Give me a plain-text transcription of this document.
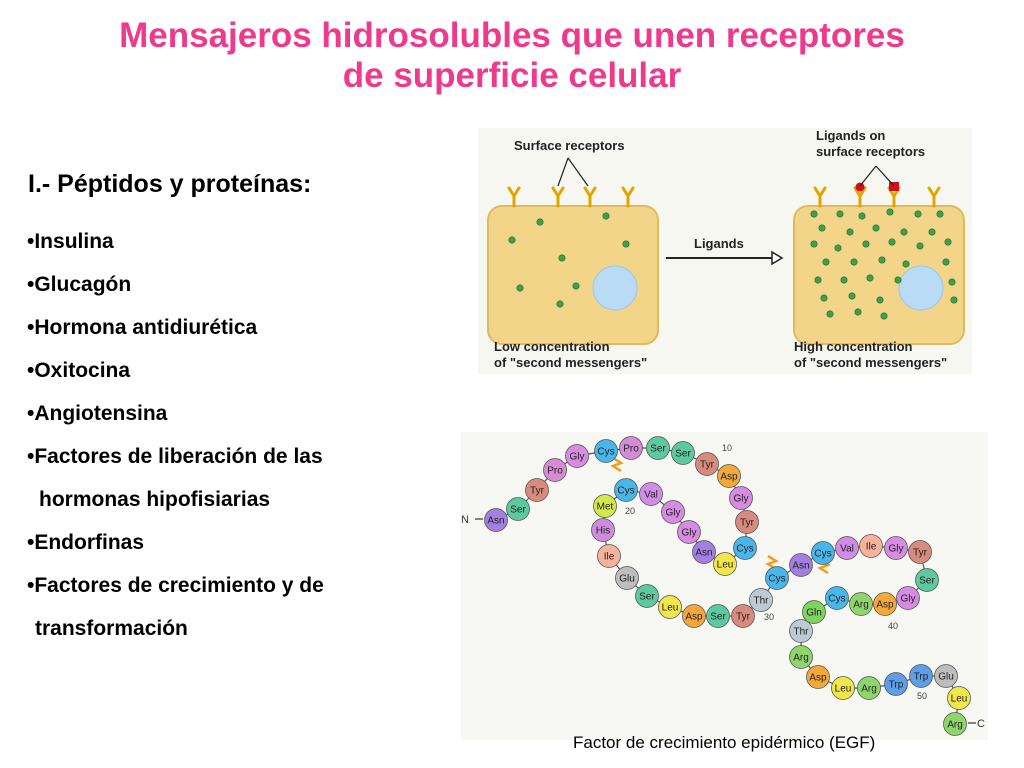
Mensajeros hidrosolubles que unen receptores
de superficie celular
I.- Péptidos y proteínas:
•Insulina
•Glucagón
•Hormona antidiurética
•Oxitocina
•Angiotensina
•Factores de liberación de las
hormonas hipofisiarias
•Endorfinas
•Factores de crecimiento y de
transformación
Surface receptors
Ligands on
surface receptors
Ligands
Low concentration
of "second messengers"
High concentration
of "second messengers"
Asn
Ser
Tyr
Pro
Gly Cys Pro Ser Ser
Tyr
Asp
Gly
Tyr
Cys
Leu
Asn
Gly
Gly
Val
Cys
Met
His
Ile
Glu
Ser
Leu
Asp Ser Tyr
Thr
Cys
Asn
Cys Val Ile Gly Tyr
Ser
Gly
Asp
Arg
Cys
Gln
Thr
Arg
Asp
Leu Arg Trp
Trp Glu
Leu
Arg
10
20
30
40
50
N
C
Factor de crecimiento epidérmico (EGF)
